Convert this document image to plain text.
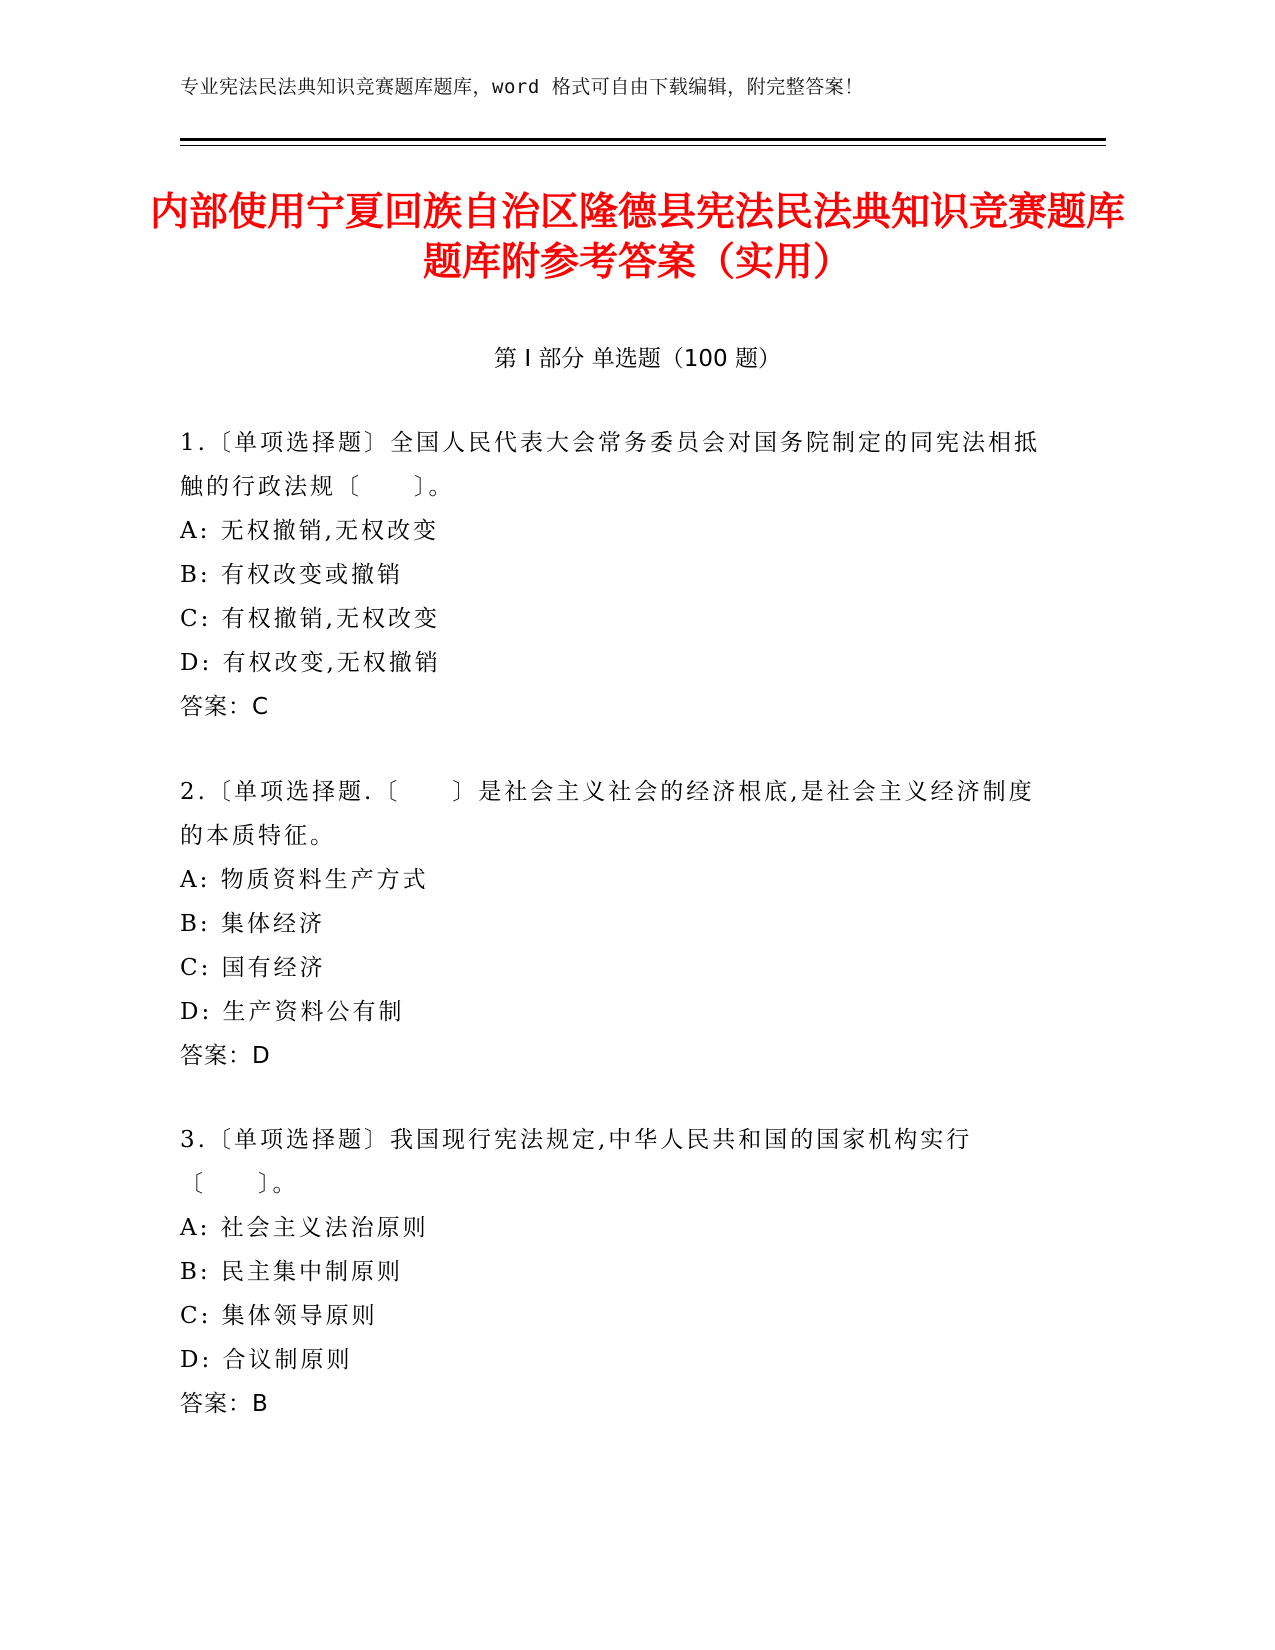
专业宪法民法典知识竞赛题库题库，word 格式可自由下载编辑，附完整答案！
内部使用宁夏回族自治区隆德县宪法民法典知识竞赛题库题库附参考答案（实用）
第 I 部分 单选题（100 题）
1.〔单项选择题〕全国人民代表大会常务委员会对国务院制定的同宪法相抵触的行政法规〔　　〕。
A: 无权撤销,无权改变
B: 有权改变或撤销
C: 有权撤销,无权改变
D: 有权改变,无权撤销
答案：C
2.〔单项选择题.〔　　〕是社会主义社会的经济根底,是社会主义经济制度的本质特征。
A: 物质资料生产方式
B: 集体经济
C: 国有经济
D: 生产资料公有制
答案：D
3.〔单项选择题〕我国现行宪法规定,中华人民共和国的国家机构实行〔　　〕。
A: 社会主义法治原则
B: 民主集中制原则
C: 集体领导原则
D: 合议制原则
答案：B
